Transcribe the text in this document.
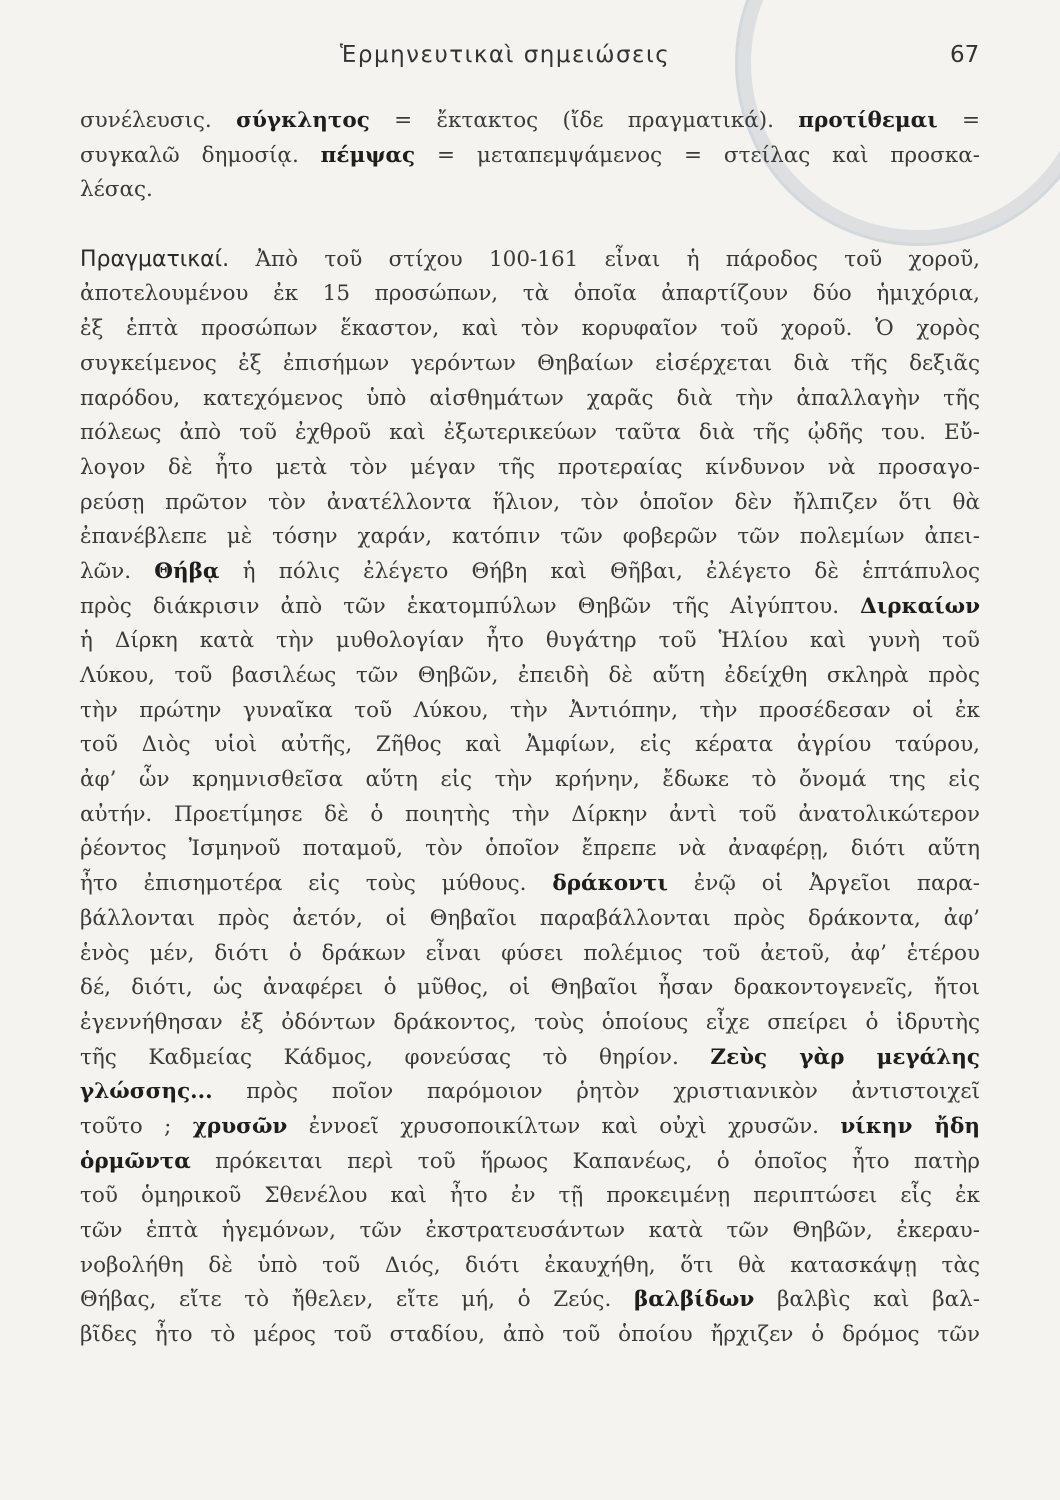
Ἑρμηνευτικαὶ σημειώσεις	67
συνέλευσις. σύγκλητος = ἔκτακτος (ἴδε πραγματικά). προτίθεμαι =
συγκαλῶ δημοσίᾳ. πέμψας = μεταπεμψάμενος = στείλας καὶ προσκα-
λέσας.
Πραγματικαί. Ἀπὸ τοῦ στίχου 100-161 εἶναι ἡ πάροδος τοῦ χοροῦ,
ἀποτελουμένου ἐκ 15 προσώπων, τὰ ὁποῖα ἀπαρτίζουν δύο ἡμιχόρια,
ἐξ ἑπτὰ προσώπων ἕκαστον, καὶ τὸν κορυφαῖον τοῦ χοροῦ. Ὁ χορὸς
συγκείμενος ἐξ ἐπισήμων γερόντων Θηβαίων εἰσέρχεται διὰ τῆς δεξιᾶς
παρόδου, κατεχόμενος ὑπὸ αἰσθημάτων χαρᾶς διὰ τὴν ἀπαλλαγὴν τῆς
πόλεως ἀπὸ τοῦ ἐχθροῦ καὶ ἐξωτερικεύων ταῦτα διὰ τῆς ᾠδῆς του. Εὔ-
λογον δὲ ἦτο μετὰ τὸν μέγαν τῆς προτεραίας κίνδυνον νὰ προσαγο-
ρεύσῃ πρῶτον τὸν ἀνατέλλοντα ἥλιον, τὸν ὁποῖον δὲν ἤλπιζεν ὅτι θὰ
ἐπανέβλεπε μὲ τόσην χαράν, κατόπιν τῶν φοβερῶν τῶν πολεμίων ἀπει-
λῶν. Θήβᾳ ἡ πόλις ἐλέγετο Θήβη καὶ Θῆβαι, ἐλέγετο δὲ ἑπτάπυλος
πρὸς διάκρισιν ἀπὸ τῶν ἑκατομπύλων Θηβῶν τῆς Αἰγύπτου. Διρκαίων
ἡ Δίρκη κατὰ τὴν μυθολογίαν ἦτο θυγάτηρ τοῦ Ἡλίου καὶ γυνὴ τοῦ
Λύκου, τοῦ βασιλέως τῶν Θηβῶν, ἐπειδὴ δὲ αὕτη ἐδείχθη σκληρὰ πρὸς
τὴν πρώτην γυναῖκα τοῦ Λύκου, τὴν Ἀντιόπην, τὴν προσέδεσαν οἱ ἐκ
τοῦ Διὸς υἱοὶ αὐτῆς, Ζῆθος καὶ Ἀμφίων, εἰς κέρατα ἀγρίου ταύρου,
ἀφ’ ὧν κρημνισθεῖσα αὕτη εἰς τὴν κρήνην, ἔδωκε τὸ ὄνομά της εἰς
αὐτήν. Προετίμησε δὲ ὁ ποιητὴς τὴν Δίρκην ἀντὶ τοῦ ἀνατολικώτερον
ῥέοντος Ἰσμηνοῦ ποταμοῦ, τὸν ὁποῖον ἔπρεπε νὰ ἀναφέρῃ, διότι αὕτη
ἦτο ἐπισημοτέρα εἰς τοὺς μύθους. δράκοντι ἐνῷ οἱ Ἀργεῖοι παρα-
βάλλονται πρὸς ἀετόν, οἱ Θηβαῖοι παραβάλλονται πρὸς δράκοντα, ἀφ’
ἑνὸς μέν, διότι ὁ δράκων εἶναι φύσει πολέμιος τοῦ ἀετοῦ, ἀφ’ ἑτέρου
δέ, διότι, ὡς ἀναφέρει ὁ μῦθος, οἱ Θηβαῖοι ἦσαν δρακοντογενεῖς, ἤτοι
ἐγεννήθησαν ἐξ ὀδόντων δράκοντος, τοὺς ὁποίους εἶχε σπείρει ὁ ἱδρυτὴς
τῆς Καδμείας Κάδμος, φονεύσας τὸ θηρίον. Ζεὺς γὰρ μεγάλης
γλώσσης... πρὸς ποῖον παρόμοιον ῥητὸν χριστιανικὸν ἀντιστοιχεῖ
τοῦτο ; χρυσῶν ἐννοεῖ χρυσοποικίλτων καὶ οὐχὶ χρυσῶν. νίκην ἤδη
ὁρμῶντα πρόκειται περὶ τοῦ ἥρωος Καπανέως, ὁ ὁποῖος ἦτο πατὴρ
τοῦ ὁμηρικοῦ Σθενέλου καὶ ἦτο ἐν τῇ προκειμένῃ περιπτώσει εἷς ἐκ
τῶν ἑπτὰ ἡγεμόνων, τῶν ἐκστρατευσάντων κατὰ τῶν Θηβῶν, ἐκεραυ-
νοβολήθη δὲ ὑπὸ τοῦ Διός, διότι ἐκαυχήθη, ὅτι θὰ κατασκάψῃ τὰς
Θήβας, εἴτε τὸ ἤθελεν, εἴτε μή, ὁ Ζεύς. βαλβίδων βαλβὶς καὶ βαλ-
βῖδες ἦτο τὸ μέρος τοῦ σταδίου, ἀπὸ τοῦ ὁποίου ἤρχιζεν ὁ δρόμος τῶν
